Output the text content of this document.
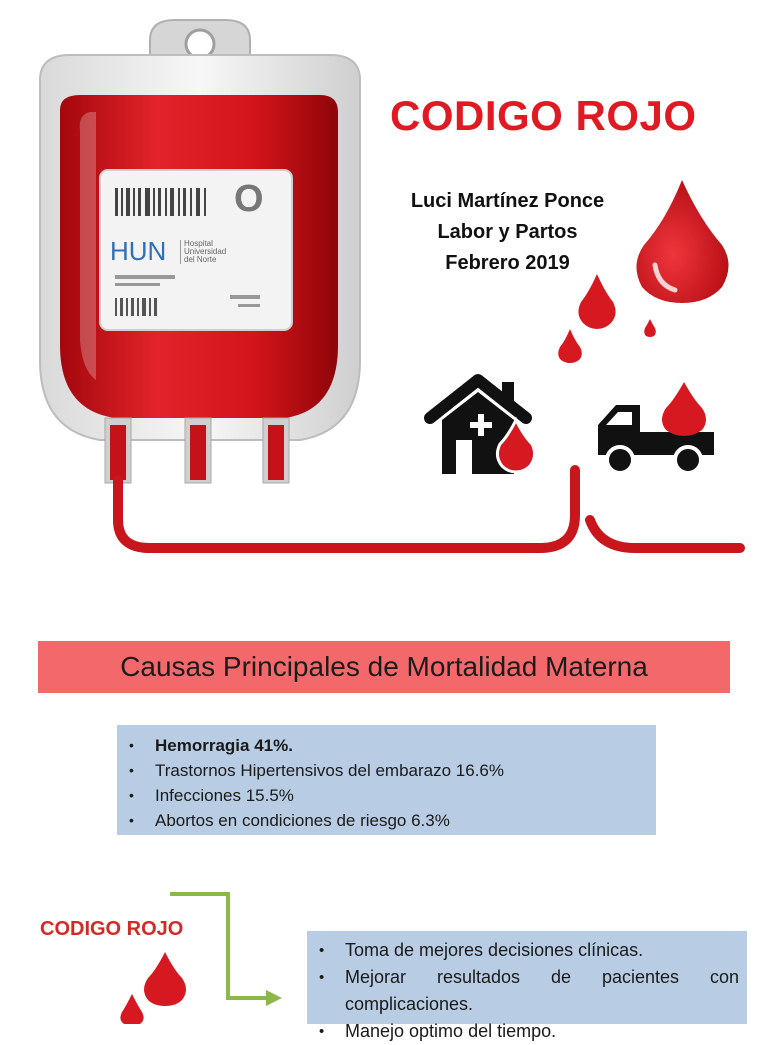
HUN Hospital
Universidad
del Norte
O
CODIGO ROJO
Luci Martínez Ponce
Labor y Partos
Febrero 2019
Causas Principales de Mortalidad Materna
• Hemorragia 41%.
• Trastornos Hipertensivos del embarazo 16.6%
• Infecciones 15.5%
• Abortos en condiciones de riesgo 6.3%
CODIGO ROJO
• Toma de mejores decisiones clínicas.
• Mejorar resultados de pacientes con complicaciones.
• Manejo optimo del tiempo.
